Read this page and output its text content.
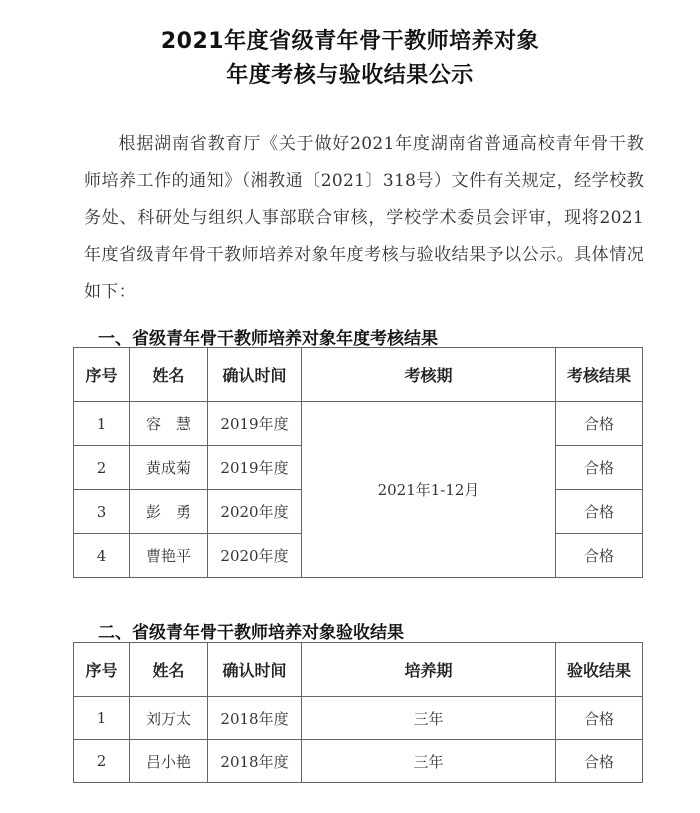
2021年度省级青年骨干教师培养对象
年度考核与验收结果公示
根据湖南省教育厅《关于做好2021年度湖南省普通高校青年骨干教师培养工作的通知》（湘教通〔2021〕318号）文件有关规定，经学校教务处、科研处与组织人事部联合审核，学校学术委员会评审，现将2021年度省级青年骨干教师培养对象年度考核与验收结果予以公示。具体情况如下：
一、省级青年骨干教师培养对象年度考核结果
序号	姓名	确认时间	考核期	考核结果
1	容　慧	2019年度	2021年1-12月	合格
2	黄成菊	2019年度		合格
3	彭　勇	2020年度		合格
4	曹艳平	2020年度		合格
二、省级青年骨干教师培养对象验收结果
序号	姓名	确认时间	培养期	验收结果
1	刘万太	2018年度	三年	合格
2	吕小艳	2018年度	三年	合格
